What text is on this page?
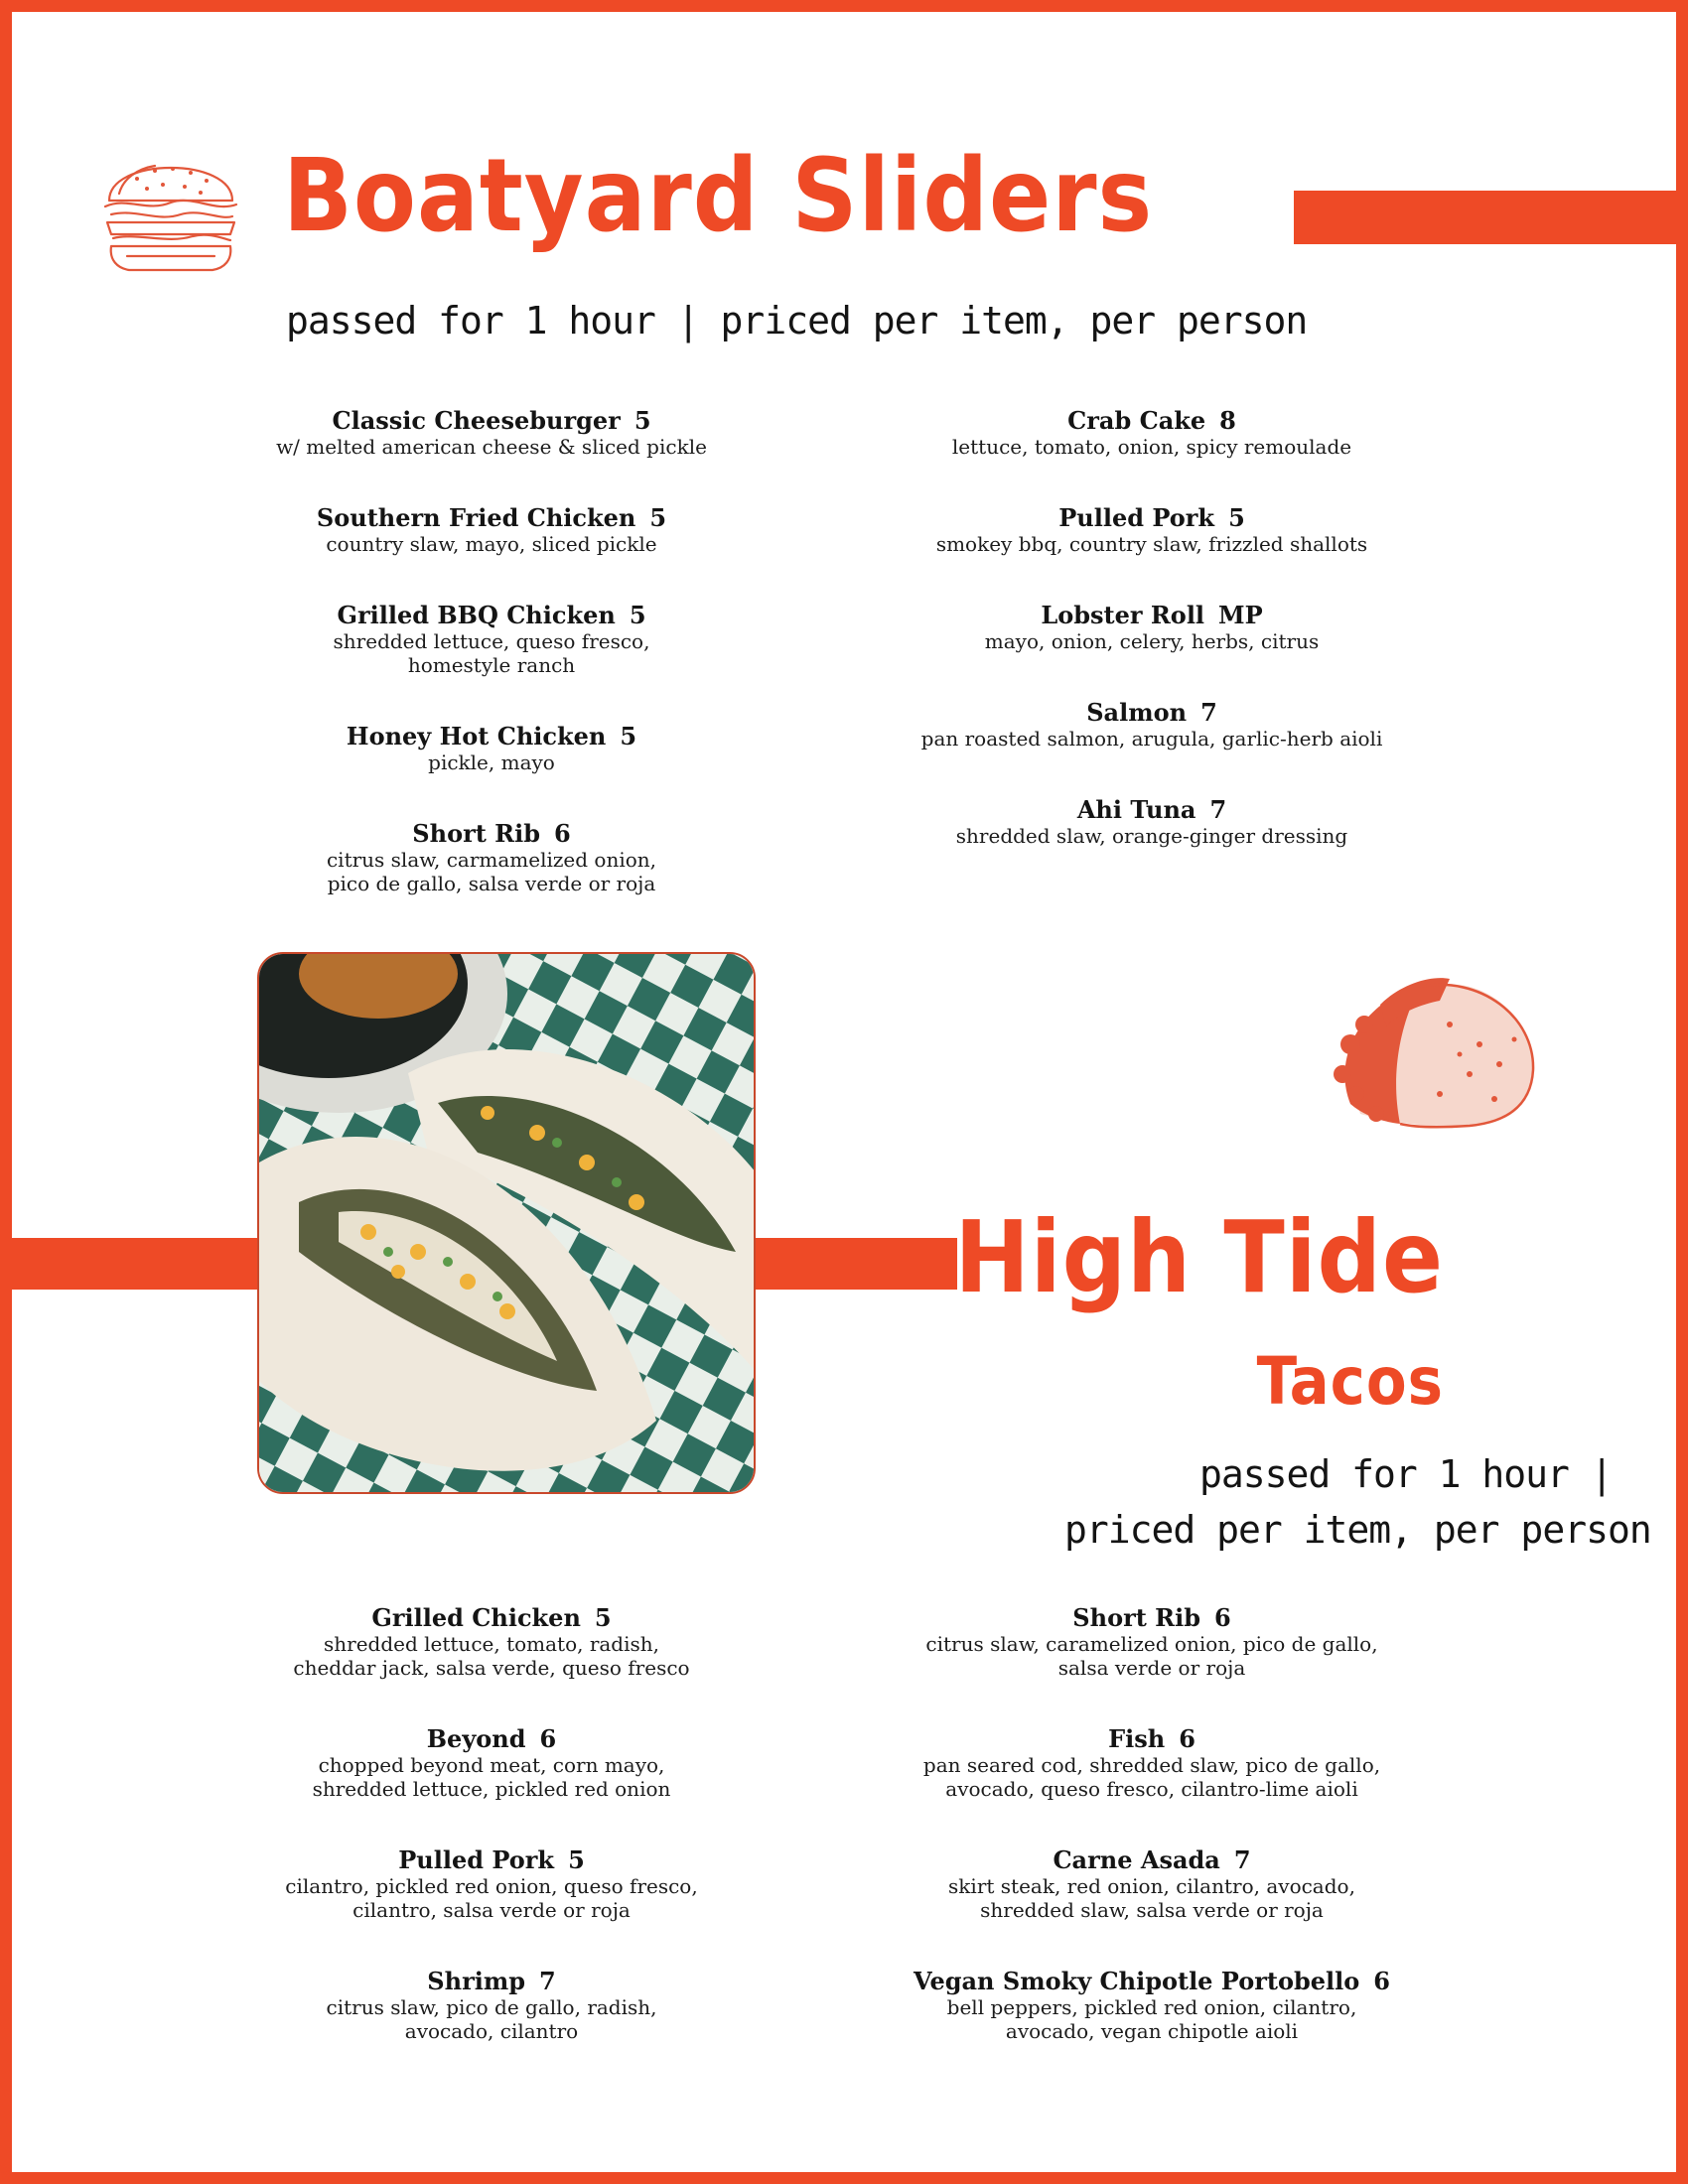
Boatyard Sliders
passed for 1 hour | priced per item, per person
Classic Cheeseburger 5
w/ melted american cheese & sliced pickle
Southern Fried Chicken 5
country slaw, mayo, sliced pickle
Grilled BBQ Chicken 5
shredded lettuce, queso fresco,
homestyle ranch
Honey Hot Chicken 5
pickle, mayo
Short Rib 6
citrus slaw, carmamelized onion,
pico de gallo, salsa verde or roja
Crab Cake 8
lettuce, tomato, onion, spicy remoulade
Pulled Pork 5
smokey bbq, country slaw, frizzled shallots
Lobster Roll MP
mayo, onion, celery, herbs, citrus
Salmon 7
pan roasted salmon, arugula, garlic-herb aioli
Ahi Tuna 7
shredded slaw, orange-ginger dressing
High Tide
Tacos
passed for 1 hour |
priced per item, per person
Grilled Chicken 5
shredded lettuce, tomato, radish,
cheddar jack, salsa verde, queso fresco
Beyond 6
chopped beyond meat, corn mayo,
shredded lettuce, pickled red onion
Pulled Pork 5
cilantro, pickled red onion, queso fresco,
cilantro, salsa verde or roja
Shrimp 7
citrus slaw, pico de gallo, radish,
avocado, cilantro
Short Rib 6
citrus slaw, caramelized onion, pico de gallo,
salsa verde or roja
Fish 6
pan seared cod, shredded slaw, pico de gallo,
avocado, queso fresco, cilantro-lime aioli
Carne Asada 7
skirt steak, red onion, cilantro, avocado,
shredded slaw, salsa verde or roja
Vegan Smoky Chipotle Portobello 6
bell peppers, pickled red onion, cilantro,
avocado, vegan chipotle aioli
